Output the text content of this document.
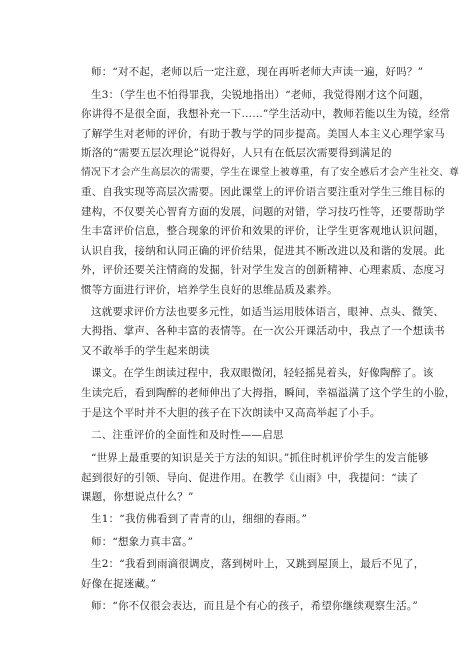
师：“对不起，老师以后一定注意，现在再听老师大声读一遍，好吗？”
生3：（学生也不怕得罪我，尖锐地指出）“老师，我觉得刚才这个问题，
你讲得不是很全面，我想补充一下……”学生活动中，教师若能以生为镜，经常
了解学生对老师的评价，有助于教与学的同步提高。美国人本主义心理学家马
斯洛的“需要五层次理论”说得好，人只有在低层次需要得到满足的
情况下才会产生高层次的需要，学生在课堂上被尊重，有了安全感后才会产生社交、尊
重、自我实现等高层次需要。因此课堂上的评价语言要注重对学生三维目标的
建构，不仅要关心智育方面的发展，问题的对错，学习技巧性等，还要帮助学
生丰富评价信息，整合现象的评价和效果的评价，让学生更客观地认识问题，
认识自我，接纳和认同正确的评价结果，促进其不断改进以及和谐的发展。此
外，评价还要关注情商的发掘，针对学生发言的创新精神、心理素质、态度习
惯等方面进行评价，培养学生良好的思维品质及素养。
这就要求评价方法也要多元性，如适当运用肢体语言，眼神、点头、微笑、
大拇指、掌声、各种丰富的表情等。在一次公开课活动中，我点了一个想读书
又不敢举手的学生起来朗读
课文。在学生朗读过程中，我双眼微闭，轻轻摇晃着头，好像陶醉了。该
生读完后，看到陶醉的老师伸出了大拇指，瞬间，幸福溢满了这个学生的小脸，
于是这个平时并不大胆的孩子在下次朗读中又高高举起了小手。
二、注重评价的全面性和及时性——启思
“世界上最重要的知识是关于方法的知识。”抓住时机评价学生的发言能够
起到很好的引领、导向、促进作用。在教学《山雨》中，我提问：“读了
课题，你想说点什么？”
生1：“我仿佛看到了青青的山，细细的春雨。”
师：“想象力真丰富。”
生2：“我看到雨滴很调皮，落到树叶上，又跳到屋顶上，最后不见了，
好像在捉迷藏。”
师：“你不仅很会表达，而且是个有心的孩子，希望你继续观察生活。”
